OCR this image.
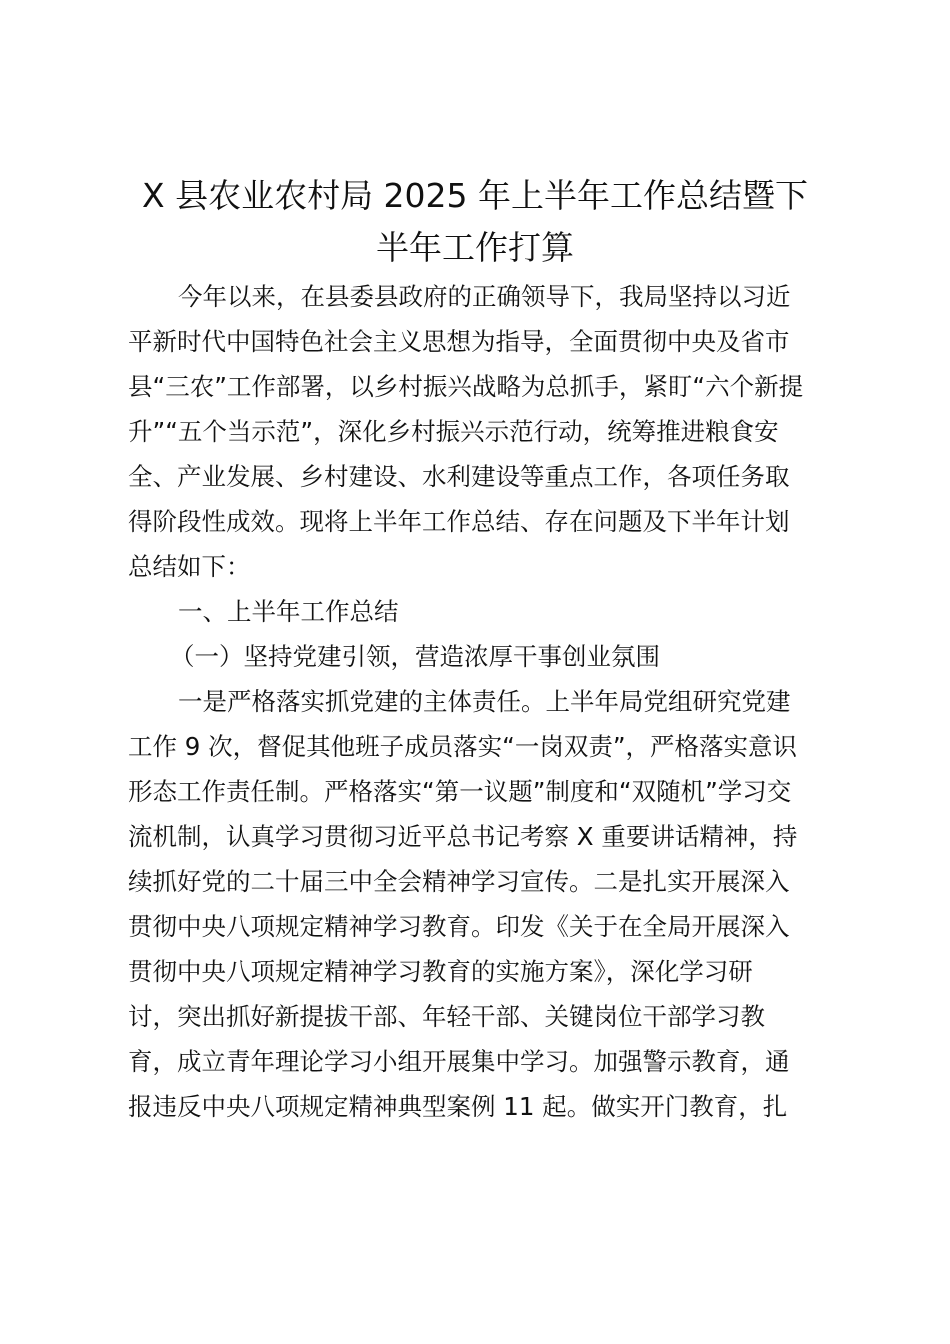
X 县农业农村局 2025 年上半年工作总结暨下
半年工作打算
今年以来，在县委县政府的正确领导下，我局坚持以习近
平新时代中国特色社会主义思想为指导，全面贯彻中央及省市
县“三农”工作部署，以乡村振兴战略为总抓手，紧盯“六个新提
升”“五个当示范”，深化乡村振兴示范行动，统筹推进粮食安
全、产业发展、乡村建设、水利建设等重点工作，各项任务取
得阶段性成效。现将上半年工作总结、存在问题及下半年计划
总结如下：
一、上半年工作总结
（一）坚持党建引领，营造浓厚干事创业氛围
一是严格落实抓党建的主体责任。上半年局党组研究党建
工作 9 次，督促其他班子成员落实“一岗双责”，严格落实意识
形态工作责任制。严格落实“第一议题”制度和“双随机”学习交
流机制，认真学习贯彻习近平总书记考察 X 重要讲话精神，持
续抓好党的二十届三中全会精神学习宣传。二是扎实开展深入
贯彻中央八项规定精神学习教育。印发《关于在全局开展深入
贯彻中央八项规定精神学习教育的实施方案》，深化学习研
讨，突出抓好新提拔干部、年轻干部、关键岗位干部学习教
育，成立青年理论学习小组开展集中学习。加强警示教育，通
报违反中央八项规定精神典型案例 11 起。做实开门教育，扎
